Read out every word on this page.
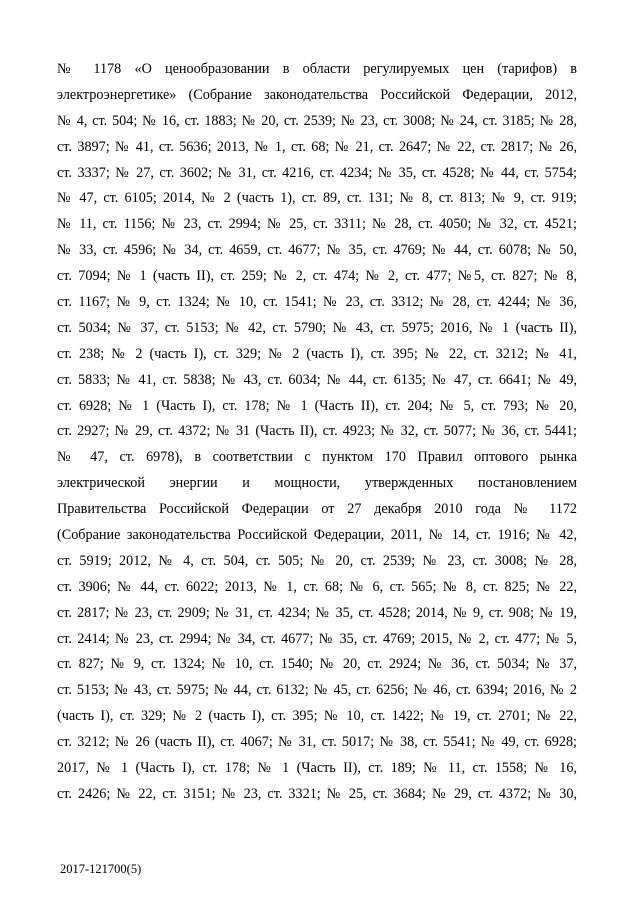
№ 1178 «О ценообразовании в области регулируемых цен (тарифов) в
электроэнергетике» (Собрание законодательства Российской Федерации, 2012,
№ 4, ст. 504; № 16, ст. 1883; № 20, ст. 2539; № 23, ст. 3008; № 24, ст. 3185; № 28,
ст. 3897; № 41, ст. 5636; 2013, № 1, ст. 68; № 21, ст. 2647; № 22, ст. 2817; № 26,
ст. 3337; № 27, ст. 3602; № 31, ст. 4216, ст. 4234; № 35, ст. 4528; № 44, ст. 5754;
№ 47, ст. 6105; 2014, № 2 (часть 1), ст. 89, ст. 131; № 8, ст. 813; № 9, ст. 919;
№ 11, ст. 1156; № 23, ст. 2994; № 25, ст. 3311; № 28, ст. 4050; № 32, ст. 4521;
№ 33, ст. 4596; № 34, ст. 4659, ст. 4677; № 35, ст. 4769; № 44, ст. 6078; № 50,
ст. 7094; № 1 (часть II), ст. 259; № 2, ст. 474; № 2, ст. 477; №5, ст. 827; № 8,
ст. 1167; № 9, ст. 1324; № 10, ст. 1541; № 23, ст. 3312; № 28, ст. 4244; № 36,
ст. 5034; № 37, ст. 5153; № 42, ст. 5790; № 43, ст. 5975; 2016, № 1 (часть II),
ст. 238; № 2 (часть I), ст. 329; № 2 (часть I), ст. 395; № 22, ст. 3212; № 41,
ст. 5833; № 41, ст. 5838; № 43, ст. 6034; № 44, ст. 6135; № 47, ст. 6641; № 49,
ст. 6928; № 1 (Часть I), ст. 178; № 1 (Часть II), ст. 204; № 5, ст. 793; № 20,
ст. 2927; № 29, ст. 4372; № 31 (Часть II), ст. 4923; № 32, ст. 5077; № 36, ст. 5441;
№ 47, ст. 6978), в соответствии с пунктом 170 Правил оптового рынка
электрической энергии и мощности, утвержденных постановлением
Правительства Российской Федерации от 27 декабря 2010 года № 1172
(Собрание законодательства Российской Федерации, 2011, № 14, ст. 1916; № 42,
ст. 5919; 2012, № 4, ст. 504, ст. 505; № 20, ст. 2539; № 23, ст. 3008; № 28,
ст. 3906; № 44, ст. 6022; 2013, № 1, ст. 68; № 6, ст. 565; № 8, ст. 825; № 22,
ст. 2817; № 23, ст. 2909; № 31, ст. 4234; № 35, ст. 4528; 2014, № 9, ст. 908; № 19,
ст. 2414; № 23, ст. 2994; № 34, ст. 4677; № 35, ст. 4769; 2015, № 2, ст. 477; № 5,
ст. 827; № 9, ст. 1324; № 10, ст. 1540; № 20, ст. 2924; № 36, ст. 5034; № 37,
ст. 5153; № 43, ст. 5975; № 44, ст. 6132; № 45, ст. 6256; № 46, ст. 6394; 2016, № 2
(часть I), ст. 329; № 2 (часть I), ст. 395; № 10, ст. 1422; № 19, ст. 2701; № 22,
ст. 3212; № 26 (часть II), ст. 4067; № 31, ст. 5017; № 38, ст. 5541; № 49, ст. 6928;
2017, № 1 (Часть I), ст. 178; № 1 (Часть II), ст. 189; № 11, ст. 1558; № 16,
ст. 2426; № 22, ст. 3151; № 23, ст. 3321; № 25, ст. 3684; № 29, ст. 4372; № 30,
2017-121700(5)
